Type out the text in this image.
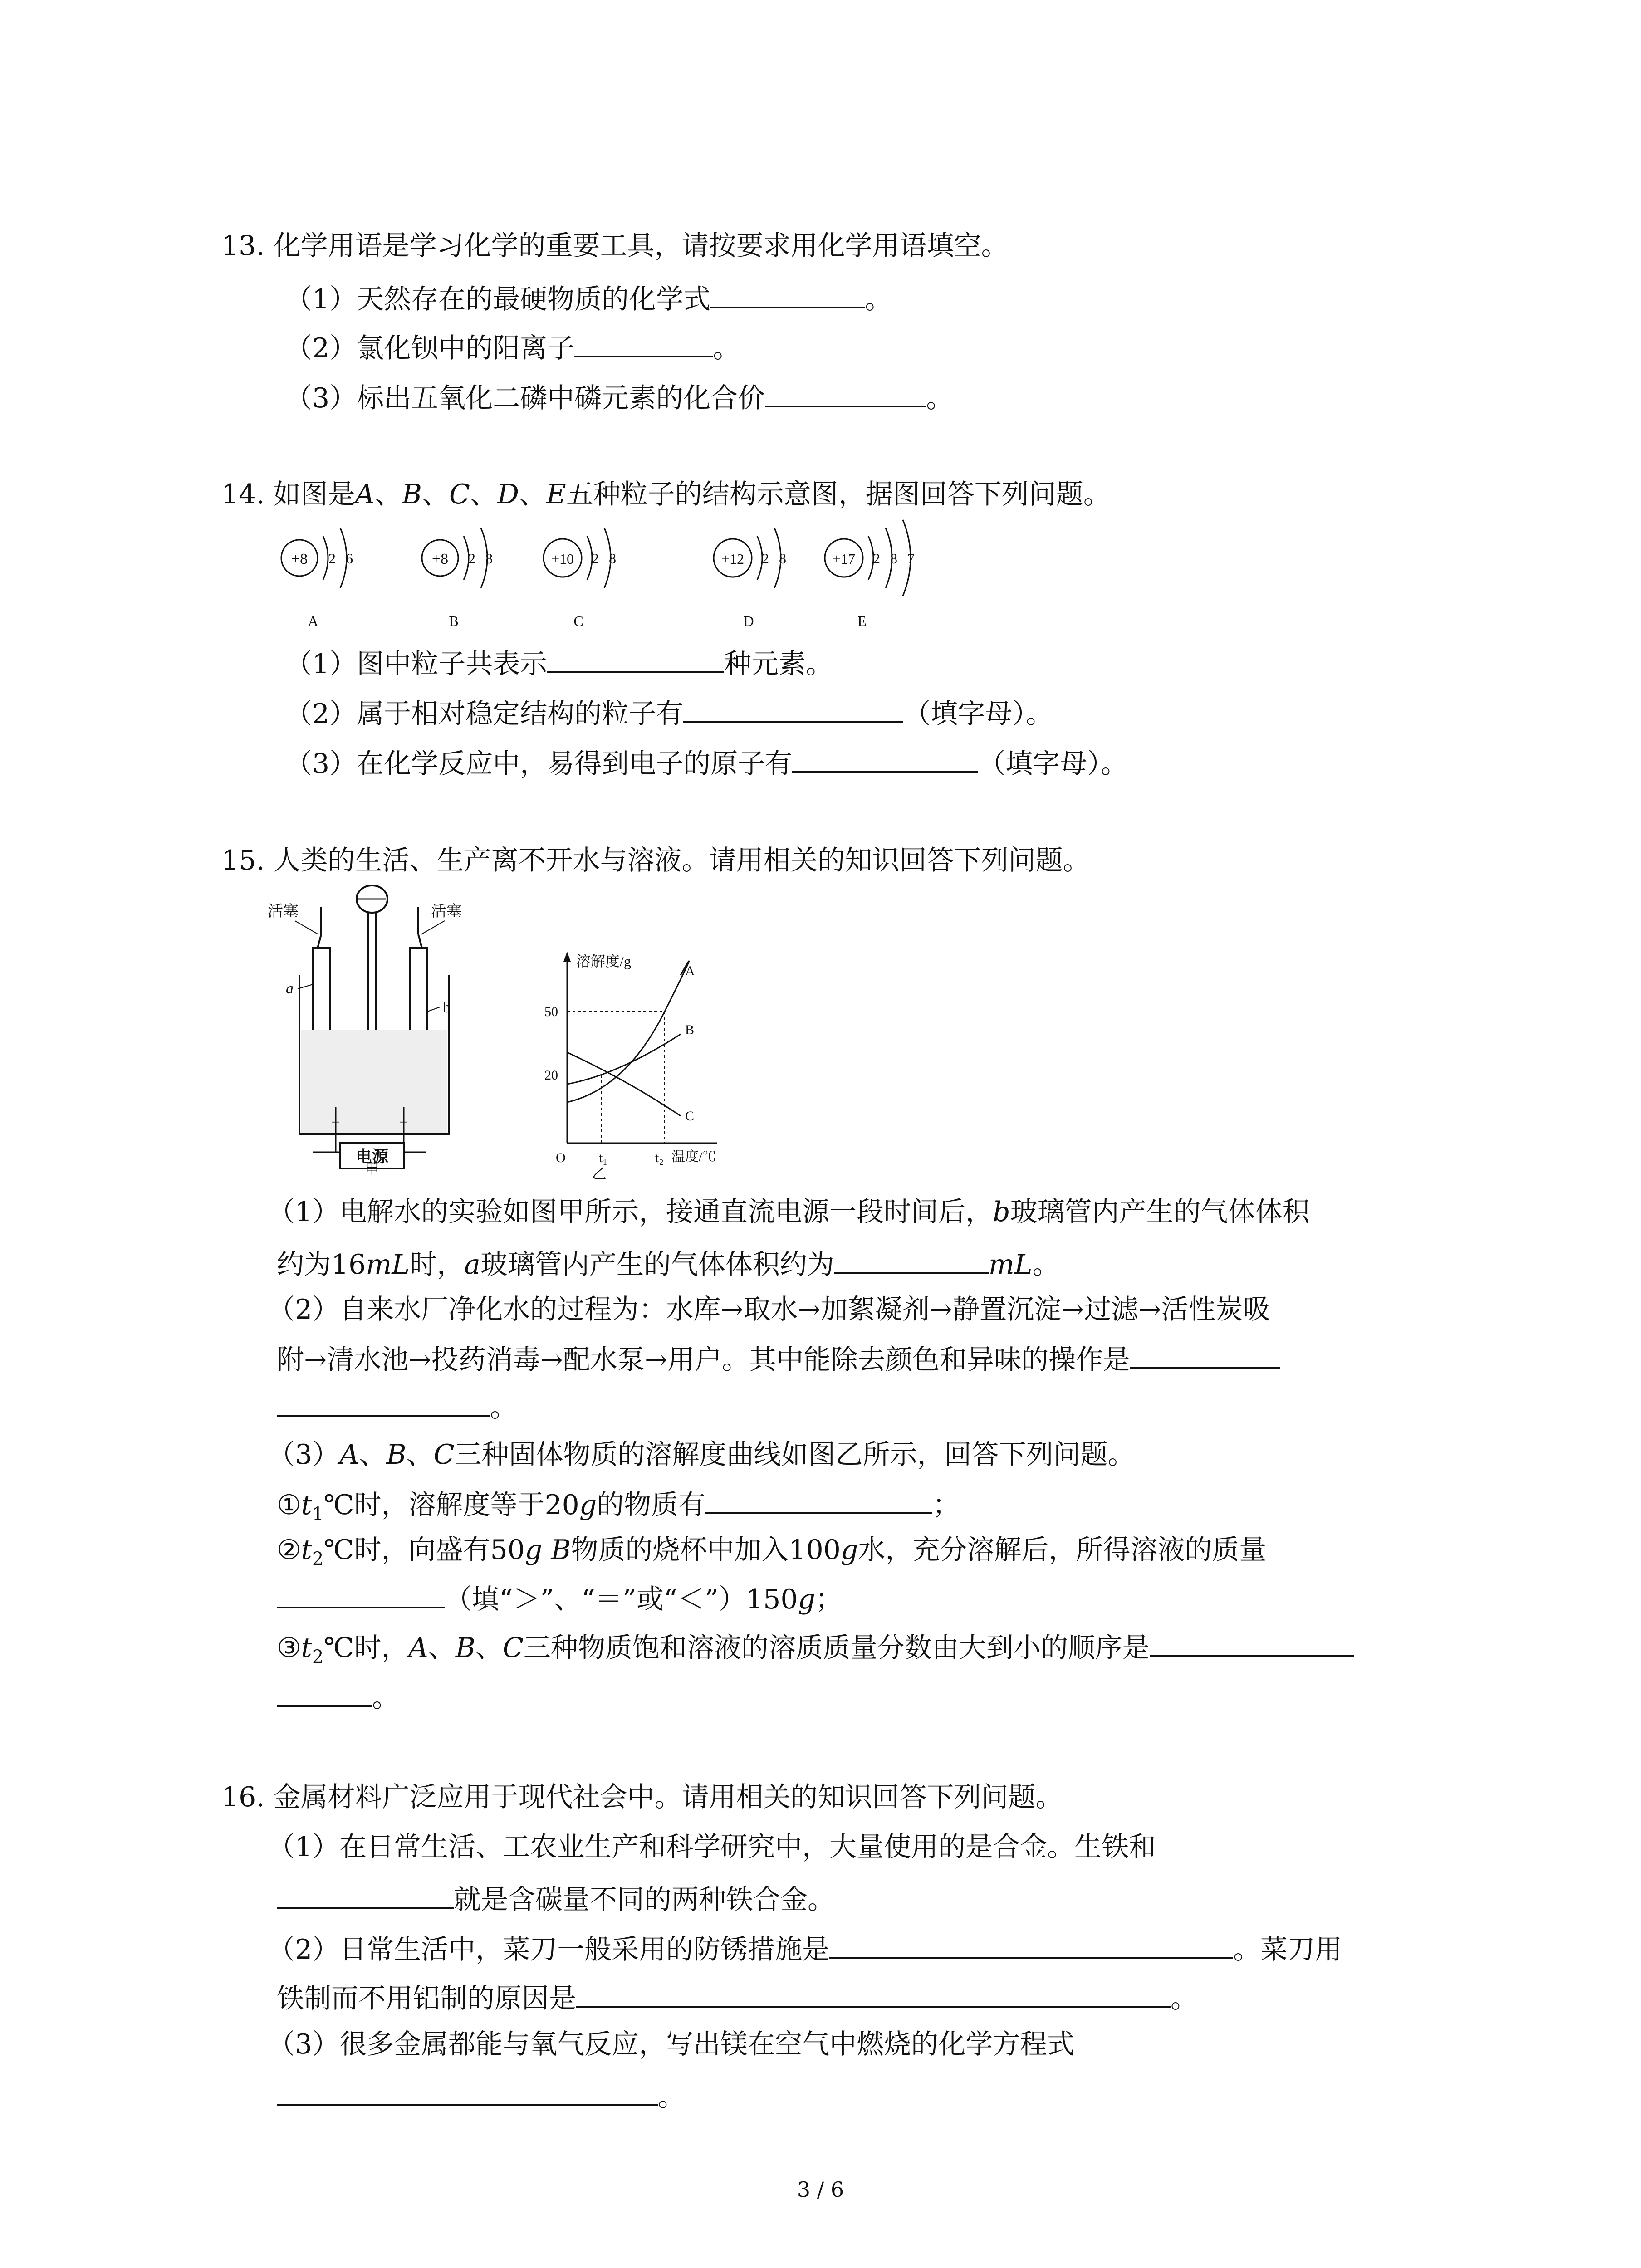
13. 化学用语是学习化学的重要工具，请按要求用化学用语填空。
（1）天然存在的最硬物质的化学式	。
（2）氯化钡中的阳离子	。
（3）标出五氧化二磷中磷元素的化合价	。
14. 如图是A、B、C、D、E五种粒子的结构示意图，据图回答下列问题。
+8 2 6
A
+8 2 8
B
+10 2 8
C
+12 2 8
D
+17 2 8 7
E
（1）图中粒子共表示	种元素。
（2）属于相对稳定结构的粒子有	（填字母）。
（3）在化学反应中，易得到电子的原子有	（填字母）。
15. 人类的生活、生产离不开水与溶液。请用相关的知识回答下列问题。
活塞	活塞
a
b
+	−
电源
甲
溶解度/g
温度/℃
O
50
20
t₁	t₂
A
B
C
乙
（1）电解水的实验如图甲所示，接通直流电源一段时间后，b玻璃管内产生的气体体积
约为16mL时，a玻璃管内产生的气体体积约为	mL。
（2）自来水厂净化水的过程为：水库→取水→加絮凝剂→静置沉淀→过滤→活性炭吸
附→清水池→投药消毒→配水泵→用户。其中能除去颜色和异味的操作是
。
（3）A、B、C三种固体物质的溶解度曲线如图乙所示，回答下列问题。
$①t_1℃$时，溶解度等于20g的物质有	；
$②t_2℃$时，向盛有50g B物质的烧杯中加入100g水，充分溶解后，所得溶液的质量
（填“＞”、“＝”或“＜”）150g；
$③t_2℃$时，A、B、C三种物质饱和溶液的溶质质量分数由大到小的顺序是
。
16. 金属材料广泛应用于现代社会中。请用相关的知识回答下列问题。
（1）在日常生活、工农业生产和科学研究中，大量使用的是合金。生铁和
就是含碳量不同的两种铁合金。
（2）日常生活中，菜刀一般采用的防锈措施是	。菜刀用
铁制而不用铝制的原因是	。
（3）很多金属都能与氧气反应，写出镁在空气中燃烧的化学方程式
。
3 / 6
